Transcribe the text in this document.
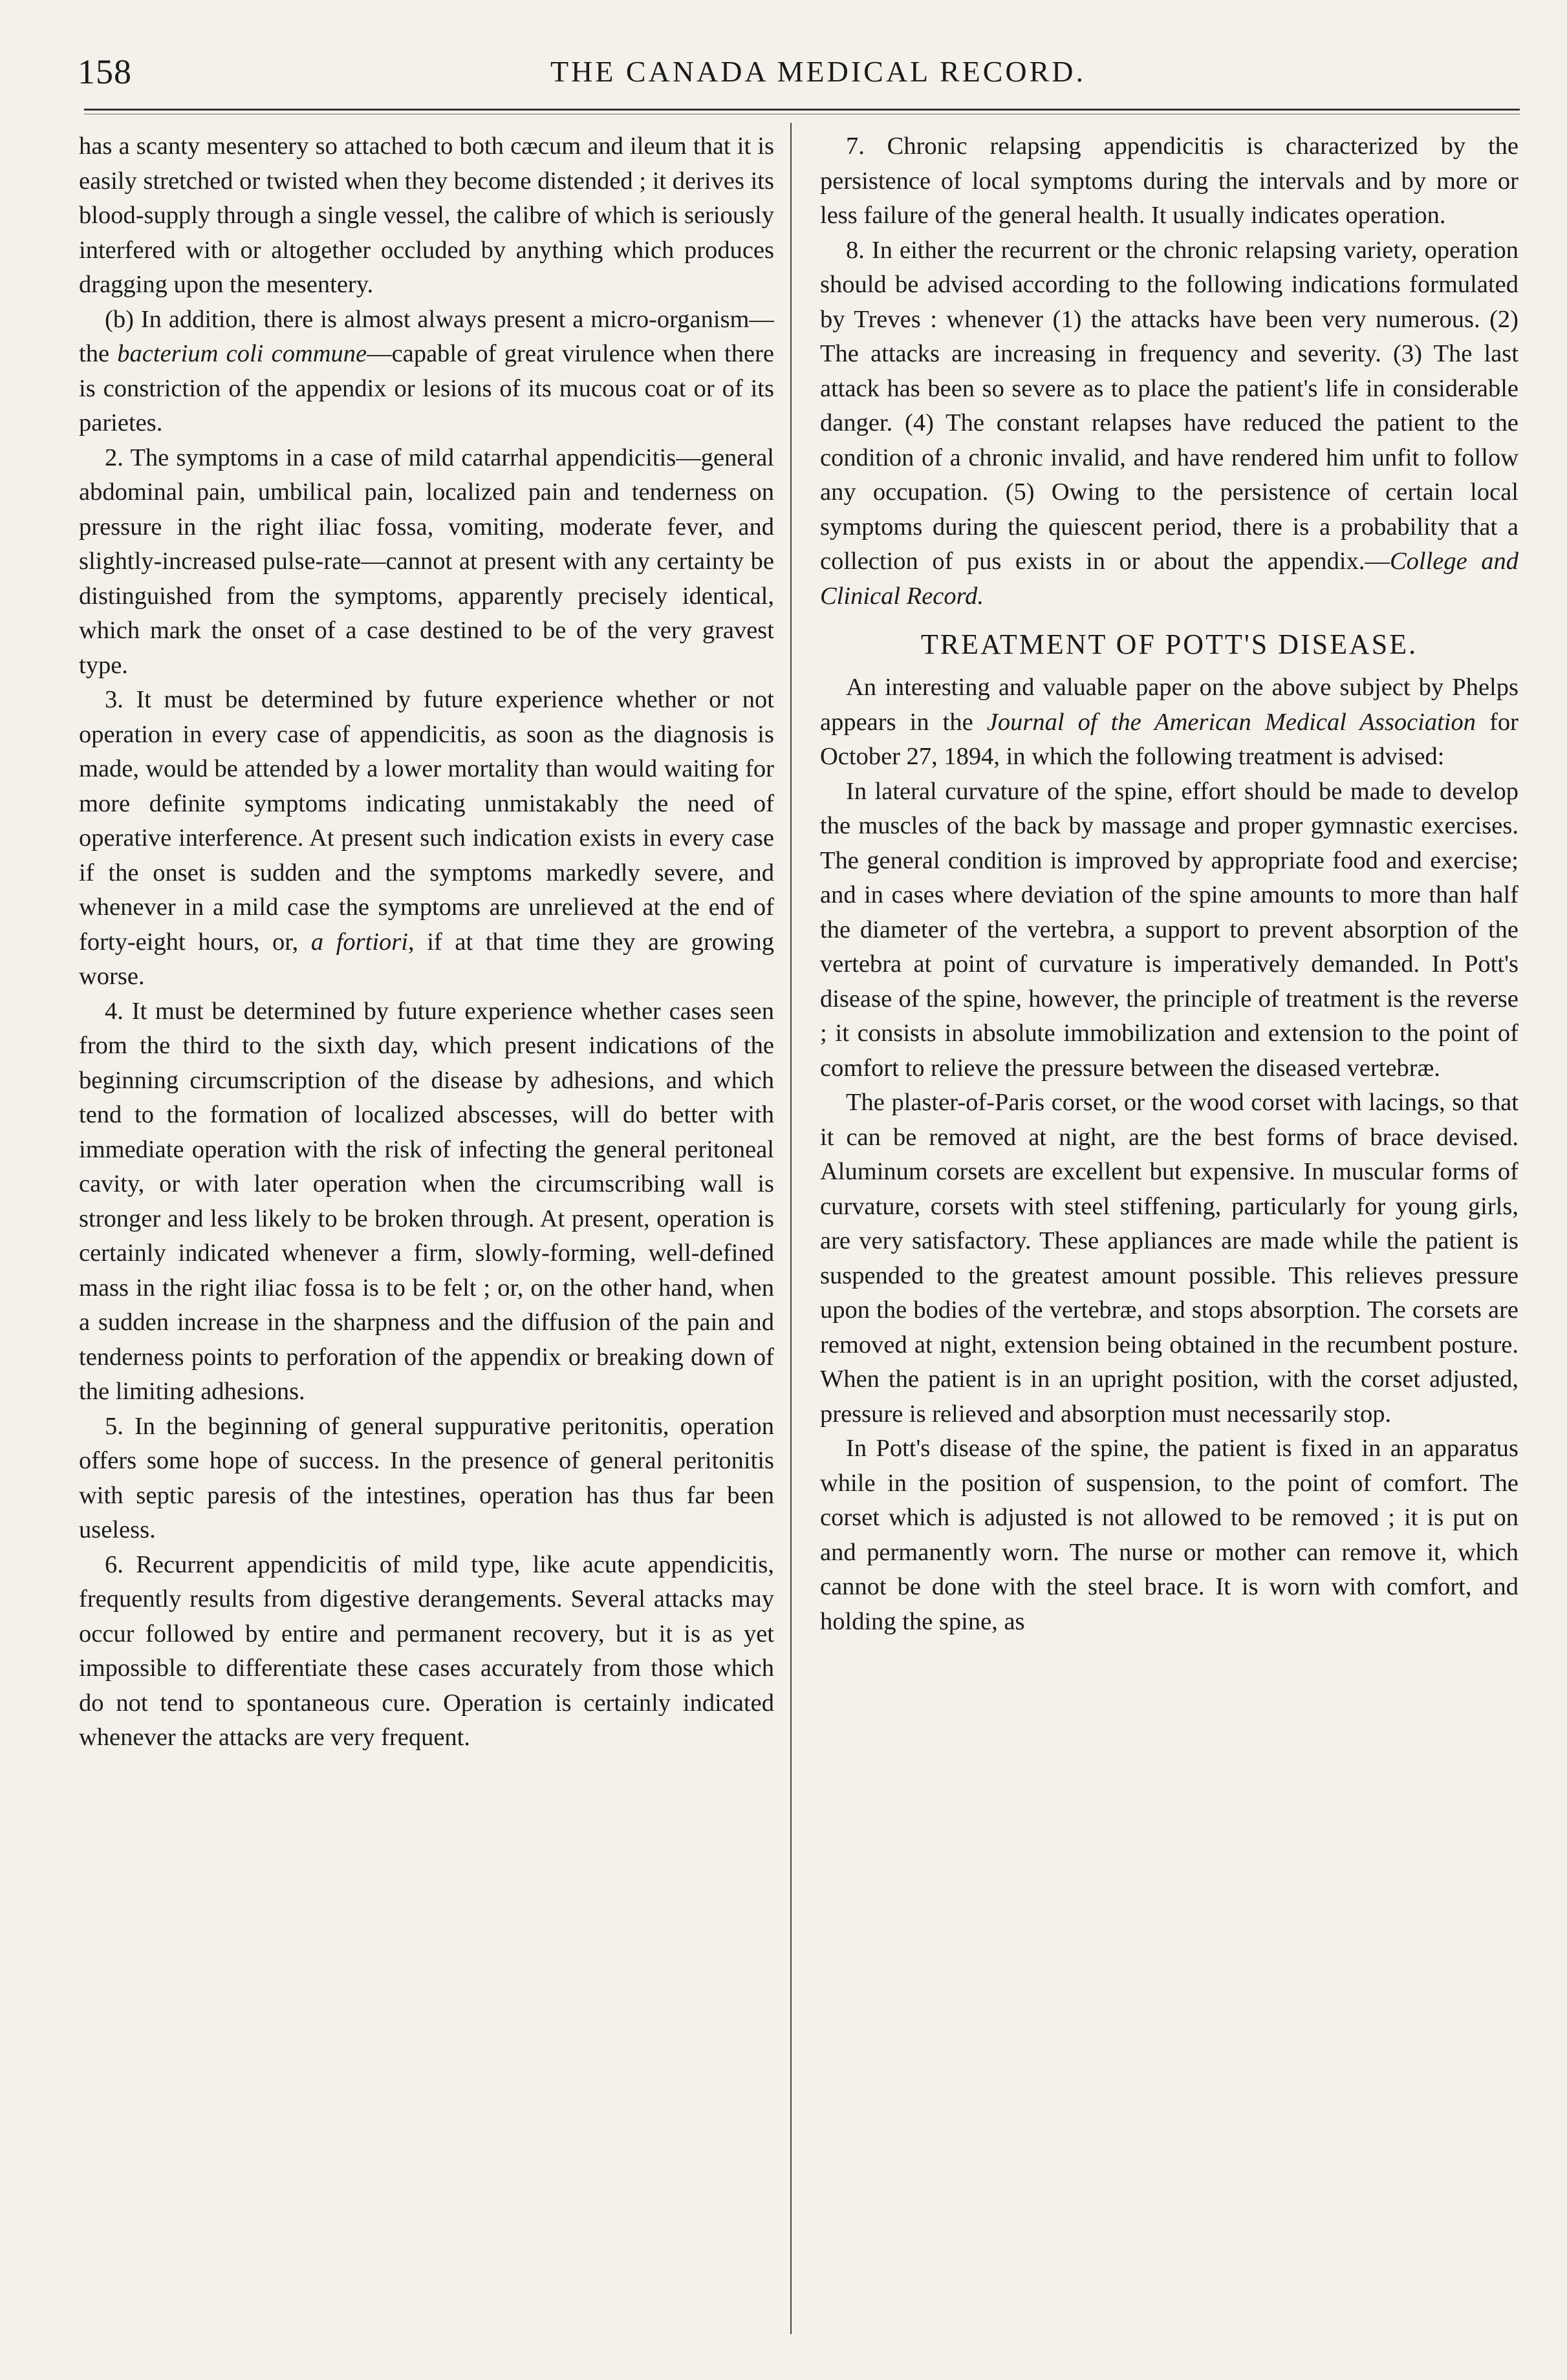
158	THE CANADA MEDICAL RECORD.

has a scanty mesentery so attached to both cæcum and ileum that it is easily stretched or twisted when they become distended ; it derives its blood-supply through a single vessel, the calibre of which is seriously interfered with or altogether occluded by anything which produces dragging upon the mesentery.

(b) In addition, there is almost always present a micro-organism—the bacterium coli commune—capable of great virulence when there is constriction of the appendix or lesions of its mucous coat or of its parietes.

2. The symptoms in a case of mild catarrhal appendicitis—general abdominal pain, umbilical pain, localized pain and tenderness on pressure in the right iliac fossa, vomiting, moderate fever, and slightly-increased pulse-rate—cannot at present with any certainty be distinguished from the symptoms, apparently precisely identical, which mark the onset of a case destined to be of the very gravest type.

3. It must be determined by future experience whether or not operation in every case of appendicitis, as soon as the diagnosis is made, would be attended by a lower mortality than would waiting for more definite symptoms indicating unmistakably the need of operative interference. At present such indication exists in every case if the onset is sudden and the symptoms markedly severe, and whenever in a mild case the symptoms are unrelieved at the end of forty-eight hours, or, a fortiori, if at that time they are growing worse.

4. It must be determined by future experience whether cases seen from the third to the sixth day, which present indications of the beginning circumscription of the disease by adhesions, and which tend to the formation of localized abscesses, will do better with immediate operation with the risk of infecting the general peritoneal cavity, or with later operation when the circumscribing wall is stronger and less likely to be broken through. At present, operation is certainly indicated whenever a firm, slowly-forming, well-defined mass in the right iliac fossa is to be felt ; or, on the other hand, when a sudden increase in the sharpness and the diffusion of the pain and tenderness points to perforation of the appendix or breaking down of the limiting adhesions.

5. In the beginning of general suppurative peritonitis, operation offers some hope of success. In the presence of general peritonitis with septic paresis of the intestines, operation has thus far been useless.

6. Recurrent appendicitis of mild type, like acute appendicitis, frequently results from digestive derangements. Several attacks may occur followed by entire and permanent recovery, but it is as yet impossible to differentiate these cases accurately from those which do not tend to spontaneous cure. Operation is certainly indicated whenever the attacks are very frequent.

7. Chronic relapsing appendicitis is characterized by the persistence of local symptoms during the intervals and by more or less failure of the general health. It usually indicates operation.

8. In either the recurrent or the chronic relapsing variety, operation should be advised according to the following indications formulated by Treves : whenever (1) the attacks have been very numerous. (2) The attacks are increasing in frequency and severity. (3) The last attack has been so severe as to place the patient's life in considerable danger. (4) The constant relapses have reduced the patient to the condition of a chronic invalid, and have rendered him unfit to follow any occupation. (5) Owing to the persistence of certain local symptoms during the quiescent period, there is a probability that a collection of pus exists in or about the appendix.—College and Clinical Record.

TREATMENT OF POTT'S DISEASE.

An interesting and valuable paper on the above subject by Phelps appears in the Journal of the American Medical Association for October 27, 1894, in which the following treatment is advised:

In lateral curvature of the spine, effort should be made to develop the muscles of the back by massage and proper gymnastic exercises. The general condition is improved by appropriate food and exercise; and in cases where deviation of the spine amounts to more than half the diameter of the vertebra, a support to prevent absorption of the vertebra at point of curvature is imperatively demanded. In Pott's disease of the spine, however, the principle of treatment is the reverse ; it consists in absolute immobilization and extension to the point of comfort to relieve the pressure between the diseased vertebræ.

The plaster-of-Paris corset, or the wood corset with lacings, so that it can be removed at night, are the best forms of brace devised. Aluminum corsets are excellent but expensive. In muscular forms of curvature, corsets with steel stiffening, particularly for young girls, are very satisfactory. These appliances are made while the patient is suspended to the greatest amount possible. This relieves pressure upon the bodies of the vertebræ, and stops absorption. The corsets are removed at night, extension being obtained in the recumbent posture. When the patient is in an upright position, with the corset adjusted, pressure is relieved and absorption must necessarily stop.

In Pott's disease of the spine, the patient is fixed in an apparatus while in the position of suspension, to the point of comfort. The corset which is adjusted is not allowed to be removed ; it is put on and permanently worn. The nurse or mother can remove it, which cannot be done with the steel brace. It is worn with comfort, and holding the spine, as
